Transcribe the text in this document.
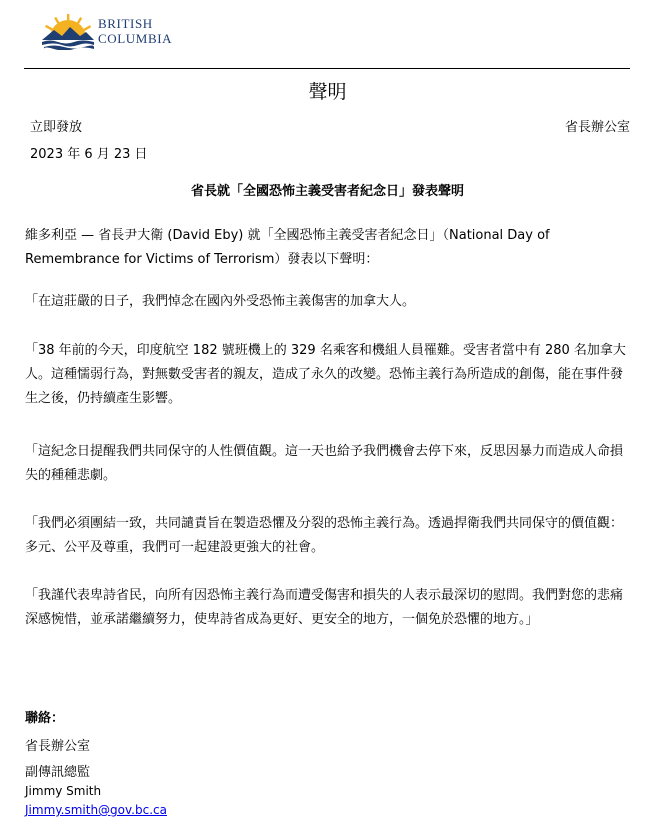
BRITISH
COLUMBIA
聲明
立即發放	省長辦公室
2023 年 6 月 23 日
省長就「全國恐怖主義受害者紀念日」發表聲明

維多利亞 — 省長尹大衛 (David Eby) 就「全國恐怖主義受害者紀念日」（National Day of Remembrance for Victims of Terrorism）發表以下聲明：

「在這莊嚴的日子，我們悼念在國內外受恐怖主義傷害的加拿大人。

「38 年前的今天，印度航空 182 號班機上的 329 名乘客和機組人員罹難。受害者當中有 280 名加拿大人。這種懦弱行為，對無數受害者的親友，造成了永久的改變。恐怖主義行為所造成的創傷，能在事件發生之後，仍持續產生影響。

「這紀念日提醒我們共同保守的人性價值觀。這一天也給予我們機會去停下來，反思因暴力而造成人命損失的種種悲劇。

「我們必須團結一致，共同譴責旨在製造恐懼及分裂的恐怖主義行為。透過捍衛我們共同保守的價值觀：多元、公平及尊重，我們可一起建設更強大的社會。

「我謹代表卑詩省民，向所有因恐怖主義行為而遭受傷害和損失的人表示最深切的慰問。我們對您的悲痛深感惋惜，並承諾繼續努力，使卑詩省成為更好、更安全的地方，一個免於恐懼的地方。」

聯絡：
省長辦公室
副傳訊總監
Jimmy Smith
Jimmy.smith@gov.bc.ca
